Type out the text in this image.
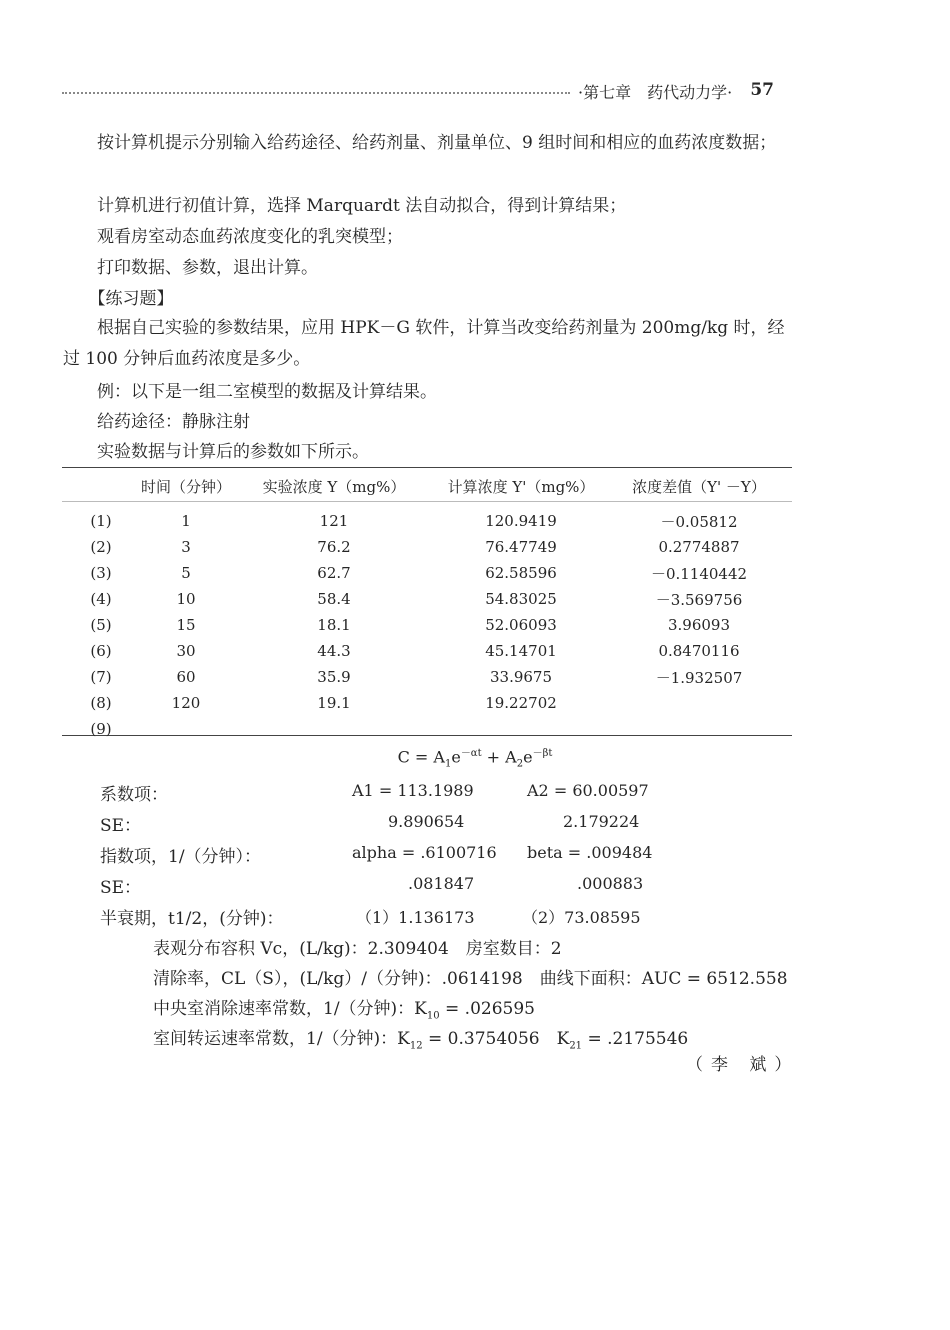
·第七章　药代动力学· 57
　　按计算机提示分别输入给药途径、给药剂量、剂量单位、9 组时间和相应的血药浓度数据；
　　计算机进行初值计算，选择 Marquardt 法自动拟合，得到计算结果；
　　观看房室动态血药浓度变化的乳突模型；
　　打印数据、参数，退出计算。
　　【练习题】
　　根据自己实验的参数结果，应用 HPK－G 软件，计算当改变给药剂量为 200mg/kg 时，经过 100 分钟后血药浓度是多少。
　　例：以下是一组二室模型的数据及计算结果。
　　给药途径：静脉注射
　　实验数据与计算后的参数如下所示。
	时间（分钟）	实验浓度 Y（mg%）	计算浓度 Y'（mg%）	浓度差值（Y' －Y）

(1)	1	121	120.9419	－0.05812
(2)	3	76.2	76.47749	0.2774887
(3)	5	62.7	62.58596	－0.1140442
(4)	10	58.4	54.83025	－3.569756
(5)	15	18.1	52.06093	3.96093
(6)	30	44.3	45.14701	0.8470116
(7)	60	35.9	33.9675	－1.932507
(8)	120	19.1	19.22702	
(9)				
$C = A_1e^{-\alpha t} + A_2e^{-\beta t}$
系数项：	A1 = 113.1989	A2 = 60.00597
SE：	9.890654	2.179224
指数项，1/（分钟）：	alpha = .6100716 beta = .009484
SE：	.081847	.000883
半衰期，t1/2，(分钟)：	（1）1.136173	（2）73.08595
表观分布容积 Vc，(L/kg)：2.309404　房室数目：2
清除率，CL（S），(L/kg）/（分钟)：.0614198　曲线下面积：AUC = 6512.558
中央室消除速率常数，1/（分钟)：$K_{10} = .026595$
室间转运速率常数，1/（分钟)：$K_{12} = 0.3754056$　$K_{21} = .2175546$
（李 斌）
